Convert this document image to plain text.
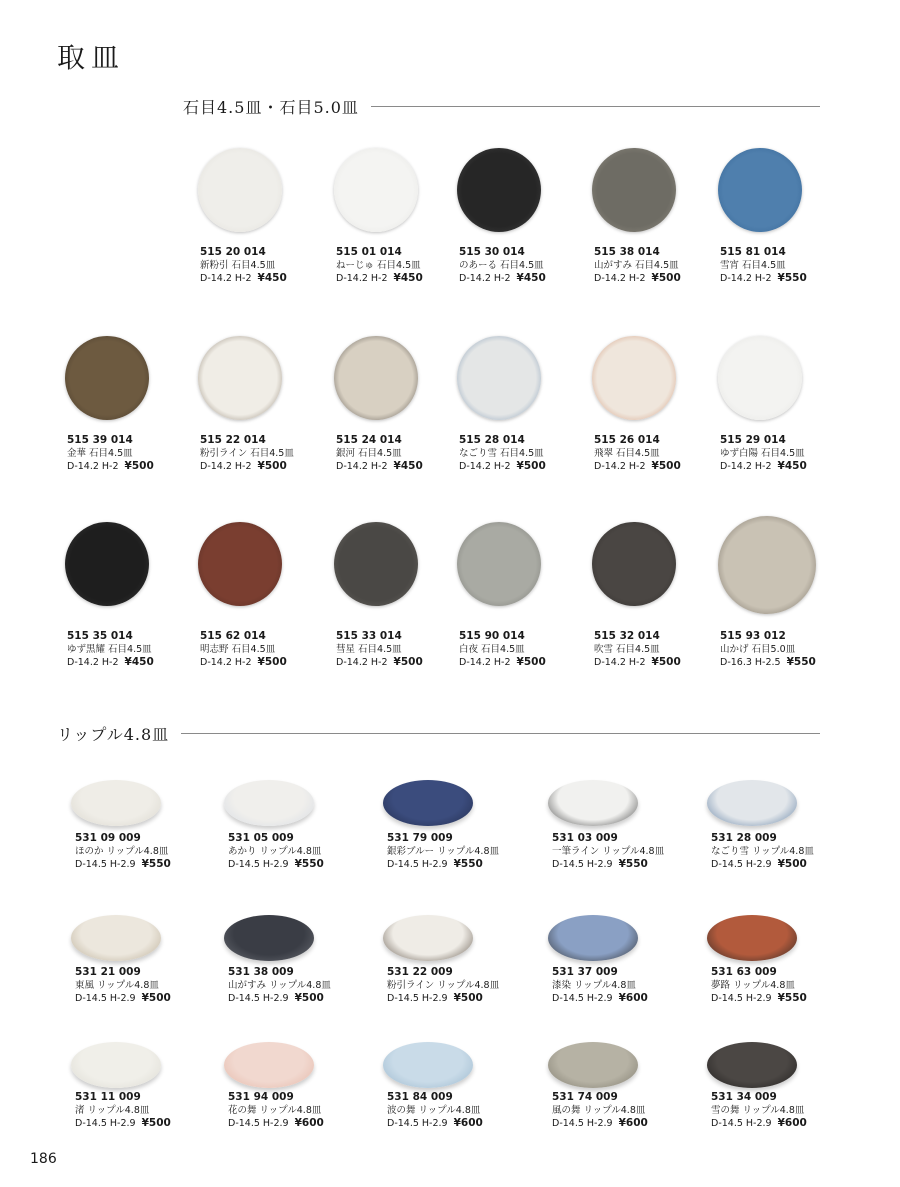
取皿
石目4.5皿・石目5.0皿
リップル4.8皿
515 20 014
新粉引 石目4.5皿
D-14.2 H-2 ¥450
515 01 014
ねーじゅ 石目4.5皿
D-14.2 H-2 ¥450
515 30 014
のあーる 石目4.5皿
D-14.2 H-2 ¥450
515 38 014
山がすみ 石目4.5皿
D-14.2 H-2 ¥500
515 81 014
雪宵 石目4.5皿
D-14.2 H-2 ¥550
515 39 014
金華 石目4.5皿
D-14.2 H-2 ¥500
515 22 014
粉引ライン 石目4.5皿
D-14.2 H-2 ¥500
515 24 014
銀河 石目4.5皿
D-14.2 H-2 ¥450
515 28 014
なごり雪 石目4.5皿
D-14.2 H-2 ¥500
515 26 014
飛翠 石目4.5皿
D-14.2 H-2 ¥500
515 29 014
ゆず白陽 石目4.5皿
D-14.2 H-2 ¥450
515 35 014
ゆず黒耀 石目4.5皿
D-14.2 H-2 ¥450
515 62 014
明志野 石目4.5皿
D-14.2 H-2 ¥500
515 33 014
彗星 石目4.5皿
D-14.2 H-2 ¥500
515 90 014
白夜 石目4.5皿
D-14.2 H-2 ¥500
515 32 014
吹雪 石目4.5皿
D-14.2 H-2 ¥500
515 93 012
山かげ 石目5.0皿
D-16.3 H-2.5 ¥550
531 09 009
ほのか リップル4.8皿
D-14.5 H-2.9 ¥550
531 05 009
あかり リップル4.8皿
D-14.5 H-2.9 ¥550
531 79 009
銀彩ブルー リップル4.8皿
D-14.5 H-2.9 ¥550
531 03 009
一筆ライン リップル4.8皿
D-14.5 H-2.9 ¥550
531 28 009
なごり雪 リップル4.8皿
D-14.5 H-2.9 ¥500
531 21 009
東風 リップル4.8皿
D-14.5 H-2.9 ¥500
531 38 009
山がすみ リップル4.8皿
D-14.5 H-2.9 ¥500
531 22 009
粉引ライン リップル4.8皿
D-14.5 H-2.9 ¥500
531 37 009
漆染 リップル4.8皿
D-14.5 H-2.9 ¥600
531 63 009
夢路 リップル4.8皿
D-14.5 H-2.9 ¥550
531 11 009
渚 リップル4.8皿
D-14.5 H-2.9 ¥500
531 94 009
花の舞 リップル4.8皿
D-14.5 H-2.9 ¥600
531 84 009
波の舞 リップル4.8皿
D-14.5 H-2.9 ¥600
531 74 009
風の舞 リップル4.8皿
D-14.5 H-2.9 ¥600
531 34 009
雪の舞 リップル4.8皿
D-14.5 H-2.9 ¥600
186
